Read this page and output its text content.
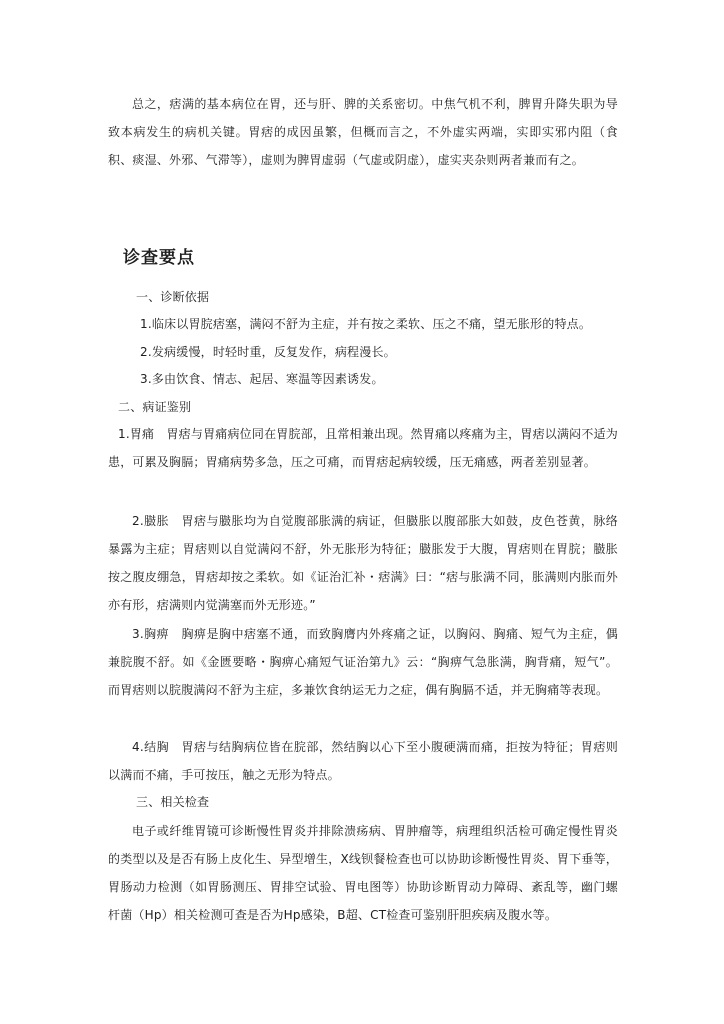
总之，痞满的基本病位在胃，还与肝、脾的关系密切。中焦气机不利，脾胃升降失职为导致本病发生的病机关键。胃痞的成因虽繁，但概而言之，不外虚实两端，实即实邪内阻（食积、痰湿、外邪、气滞等），虚则为脾胃虚弱（气虚或阴虚），虚实夹杂则两者兼而有之。

诊查要点

一、诊断依据

1.临床以胃脘痞塞，满闷不舒为主症，并有按之柔软、压之不痛，望无胀形的特点。

2.发病缓慢，时轻时重，反复发作，病程漫长。

3.多由饮食、情志、起居、寒温等因素诱发。

二、病证鉴别

1.胃痛　胃痞与胃痛病位同在胃脘部，且常相兼出现。然胃痛以疼痛为主，胃痞以满闷不适为患，可累及胸膈；胃痛病势多急，压之可痛，而胃痞起病较缓，压无痛感，两者差别显著。

2.臌胀　胃痞与臌胀均为自觉腹部胀满的病证，但臌胀以腹部胀大如鼓，皮色苍黄，脉络暴露为主症；胃痞则以自觉满闷不舒，外无胀形为特征；臌胀发于大腹，胃痞则在胃脘；臌胀按之腹皮绷急，胃痞却按之柔软。如《证治汇补・痞满》曰：“痞与胀满不同，胀满则内胀而外亦有形，痞满则内觉满塞而外无形迹。”

3.胸痹　胸痹是胸中痞塞不通，而致胸膺内外疼痛之证，以胸闷、胸痛、短气为主症，偶兼脘腹不舒。如《金匮要略・胸痹心痛短气证治第九》云：“胸痹气急胀满，胸背痛，短气”。而胃痞则以脘腹满闷不舒为主症，多兼饮食纳运无力之症，偶有胸膈不适，并无胸痛等表现。

4.结胸　胃痞与结胸病位皆在脘部，然结胸以心下至小腹硬满而痛，拒按为特征；胃痞则以满而不痛，手可按压，触之无形为特点。

三、相关检查

电子或纤维胃镜可诊断慢性胃炎并排除溃疡病、胃肿瘤等，病理组织活检可确定慢性胃炎的类型以及是否有肠上皮化生、异型增生，X线钡餐检查也可以协助诊断慢性胃炎、胃下垂等，胃肠动力检测（如胃肠测压、胃排空试验、胃电图等）协助诊断胃动力障碍、紊乱等，幽门螺杆菌（Hp）相关检测可查是否为Hp感染，B超、CT检查可鉴别肝胆疾病及腹水等。
